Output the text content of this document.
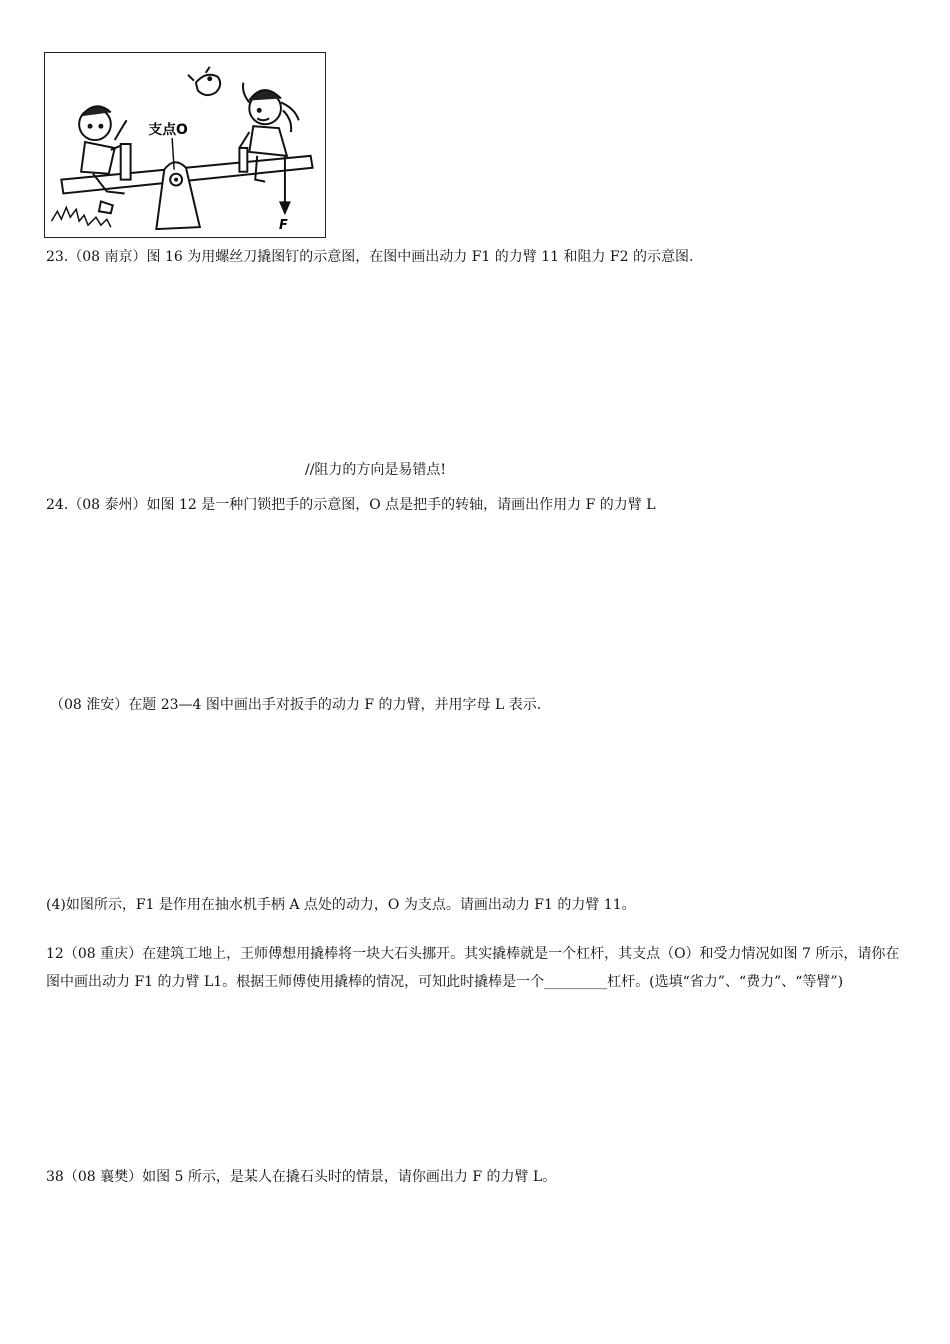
支点O
F
23.（08 南京）图 16 为用螺丝刀撬图钉的示意图，在图中画出动力 F1 的力臂 11 和阻力 F2 的示意图.
//阻力的方向是易错点!
24.（08 泰州）如图 12 是一种门锁把手的示意图，O 点是把手的转轴，请画出作用力 F 的力臂 L
（08 淮安）在题 23—4 图中画出手对扳手的动力 F 的力臂，并用字母 L 表示.
(4)如图所示，F1 是作用在抽水机手柄 A 点处的动力，O 为支点。请画出动力 F1 的力臂 11。
12（08 重庆）在建筑工地上，王师傅想用撬棒将一块大石头挪开。其实撬棒就是一个杠杆，其支点（O）和受力情况如图 7 所示，请你在图中画出动力 F1 的力臂 L1。根据王师傅使用撬棒的情况，可知此时撬棒是一个_________杠杆。(选填“省力”、“费力”、“等臂”)
38（08 襄樊）如图 5 所示，是某人在撬石头时的情景，请你画出力 F 的力臂 L。
